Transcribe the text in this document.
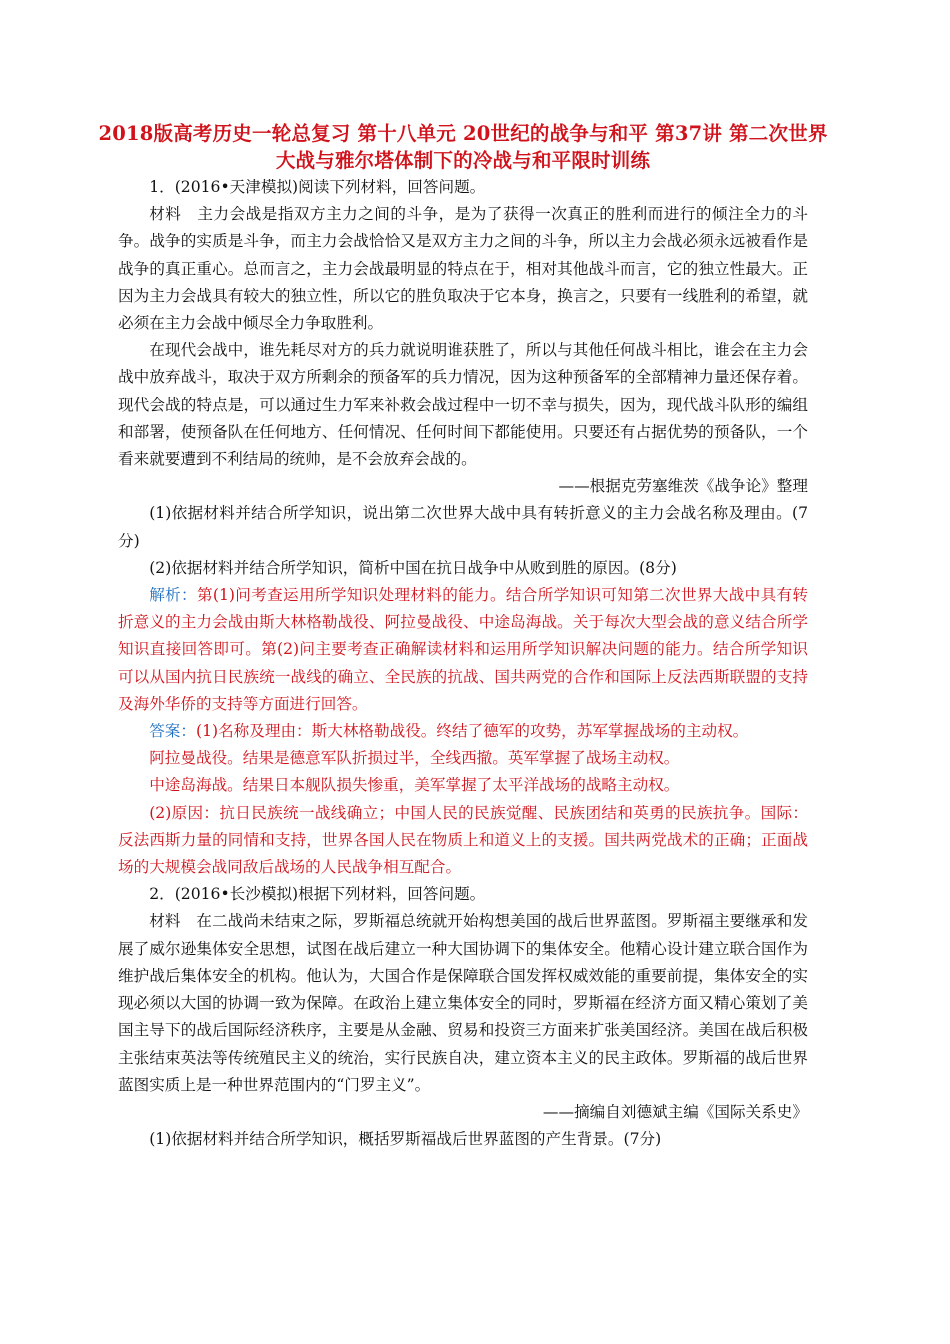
2018版高考历史一轮总复习 第十八单元 20世纪的战争与和平 第37讲 第二次世界大战与雅尔塔体制下的冷战与和平限时训练

1．(2016•天津模拟)阅读下列材料，回答问题。

材料　主力会战是指双方主力之间的斗争，是为了获得一次真正的胜利而进行的倾注全力的斗争。战争的实质是斗争，而主力会战恰恰又是双方主力之间的斗争，所以主力会战必须永远被看作是战争的真正重心。总而言之，主力会战最明显的特点在于，相对其他战斗而言，它的独立性最大。正因为主力会战具有较大的独立性，所以它的胜负取决于它本身，换言之，只要有一线胜利的希望，就必须在主力会战中倾尽全力争取胜利。

在现代会战中，谁先耗尽对方的兵力就说明谁获胜了，所以与其他任何战斗相比，谁会在主力会战中放弃战斗，取决于双方所剩余的预备军的兵力情况，因为这种预备军的全部精神力量还保存着。现代会战的特点是，可以通过生力军来补救会战过程中一切不幸与损失，因为，现代战斗队形的编组和部署，使预备队在任何地方、任何情况、任何时间下都能使用。只要还有占据优势的预备队，一个看来就要遭到不利结局的统帅，是不会放弃会战的。

——根据克劳塞维茨《战争论》整理

(1)依据材料并结合所学知识，说出第二次世界大战中具有转折意义的主力会战名称及理由。(7分)

(2)依据材料并结合所学知识，简析中国在抗日战争中从败到胜的原因。(8分)

解析：第(1)问考查运用所学知识处理材料的能力。结合所学知识可知第二次世界大战中具有转折意义的主力会战由斯大林格勒战役、阿拉曼战役、中途岛海战。关于每次大型会战的意义结合所学知识直接回答即可。第(2)问主要考查正确解读材料和运用所学知识解决问题的能力。结合所学知识可以从国内抗日民族统一战线的确立、全民族的抗战、国共两党的合作和国际上反法西斯联盟的支持及海外华侨的支持等方面进行回答。

答案：(1)名称及理由：斯大林格勒战役。终结了德军的攻势，苏军掌握战场的主动权。

阿拉曼战役。结果是德意军队折损过半，全线西撤。英军掌握了战场主动权。

中途岛海战。结果日本舰队损失惨重，美军掌握了太平洋战场的战略主动权。

(2)原因：抗日民族统一战线确立；中国人民的民族觉醒、民族团结和英勇的民族抗争。国际：反法西斯力量的同情和支持，世界各国人民在物质上和道义上的支援。国共两党战术的正确；正面战场的大规模会战同敌后战场的人民战争相互配合。

2．(2016•长沙模拟)根据下列材料，回答问题。

材料　在二战尚未结束之际，罗斯福总统就开始构想美国的战后世界蓝图。罗斯福主要继承和发展了威尔逊集体安全思想，试图在战后建立一种大国协调下的集体安全。他精心设计建立联合国作为维护战后集体安全的机构。他认为，大国合作是保障联合国发挥权威效能的重要前提，集体安全的实现必须以大国的协调一致为保障。在政治上建立集体安全的同时，罗斯福在经济方面又精心策划了美国主导下的战后国际经济秩序，主要是从金融、贸易和投资三方面来扩张美国经济。美国在战后积极主张结束英法等传统殖民主义的统治，实行民族自决，建立资本主义的民主政体。罗斯福的战后世界蓝图实质上是一种世界范围内的“门罗主义”。

——摘编自刘德斌主编《国际关系史》

(1)依据材料并结合所学知识，概括罗斯福战后世界蓝图的产生背景。(7分)
